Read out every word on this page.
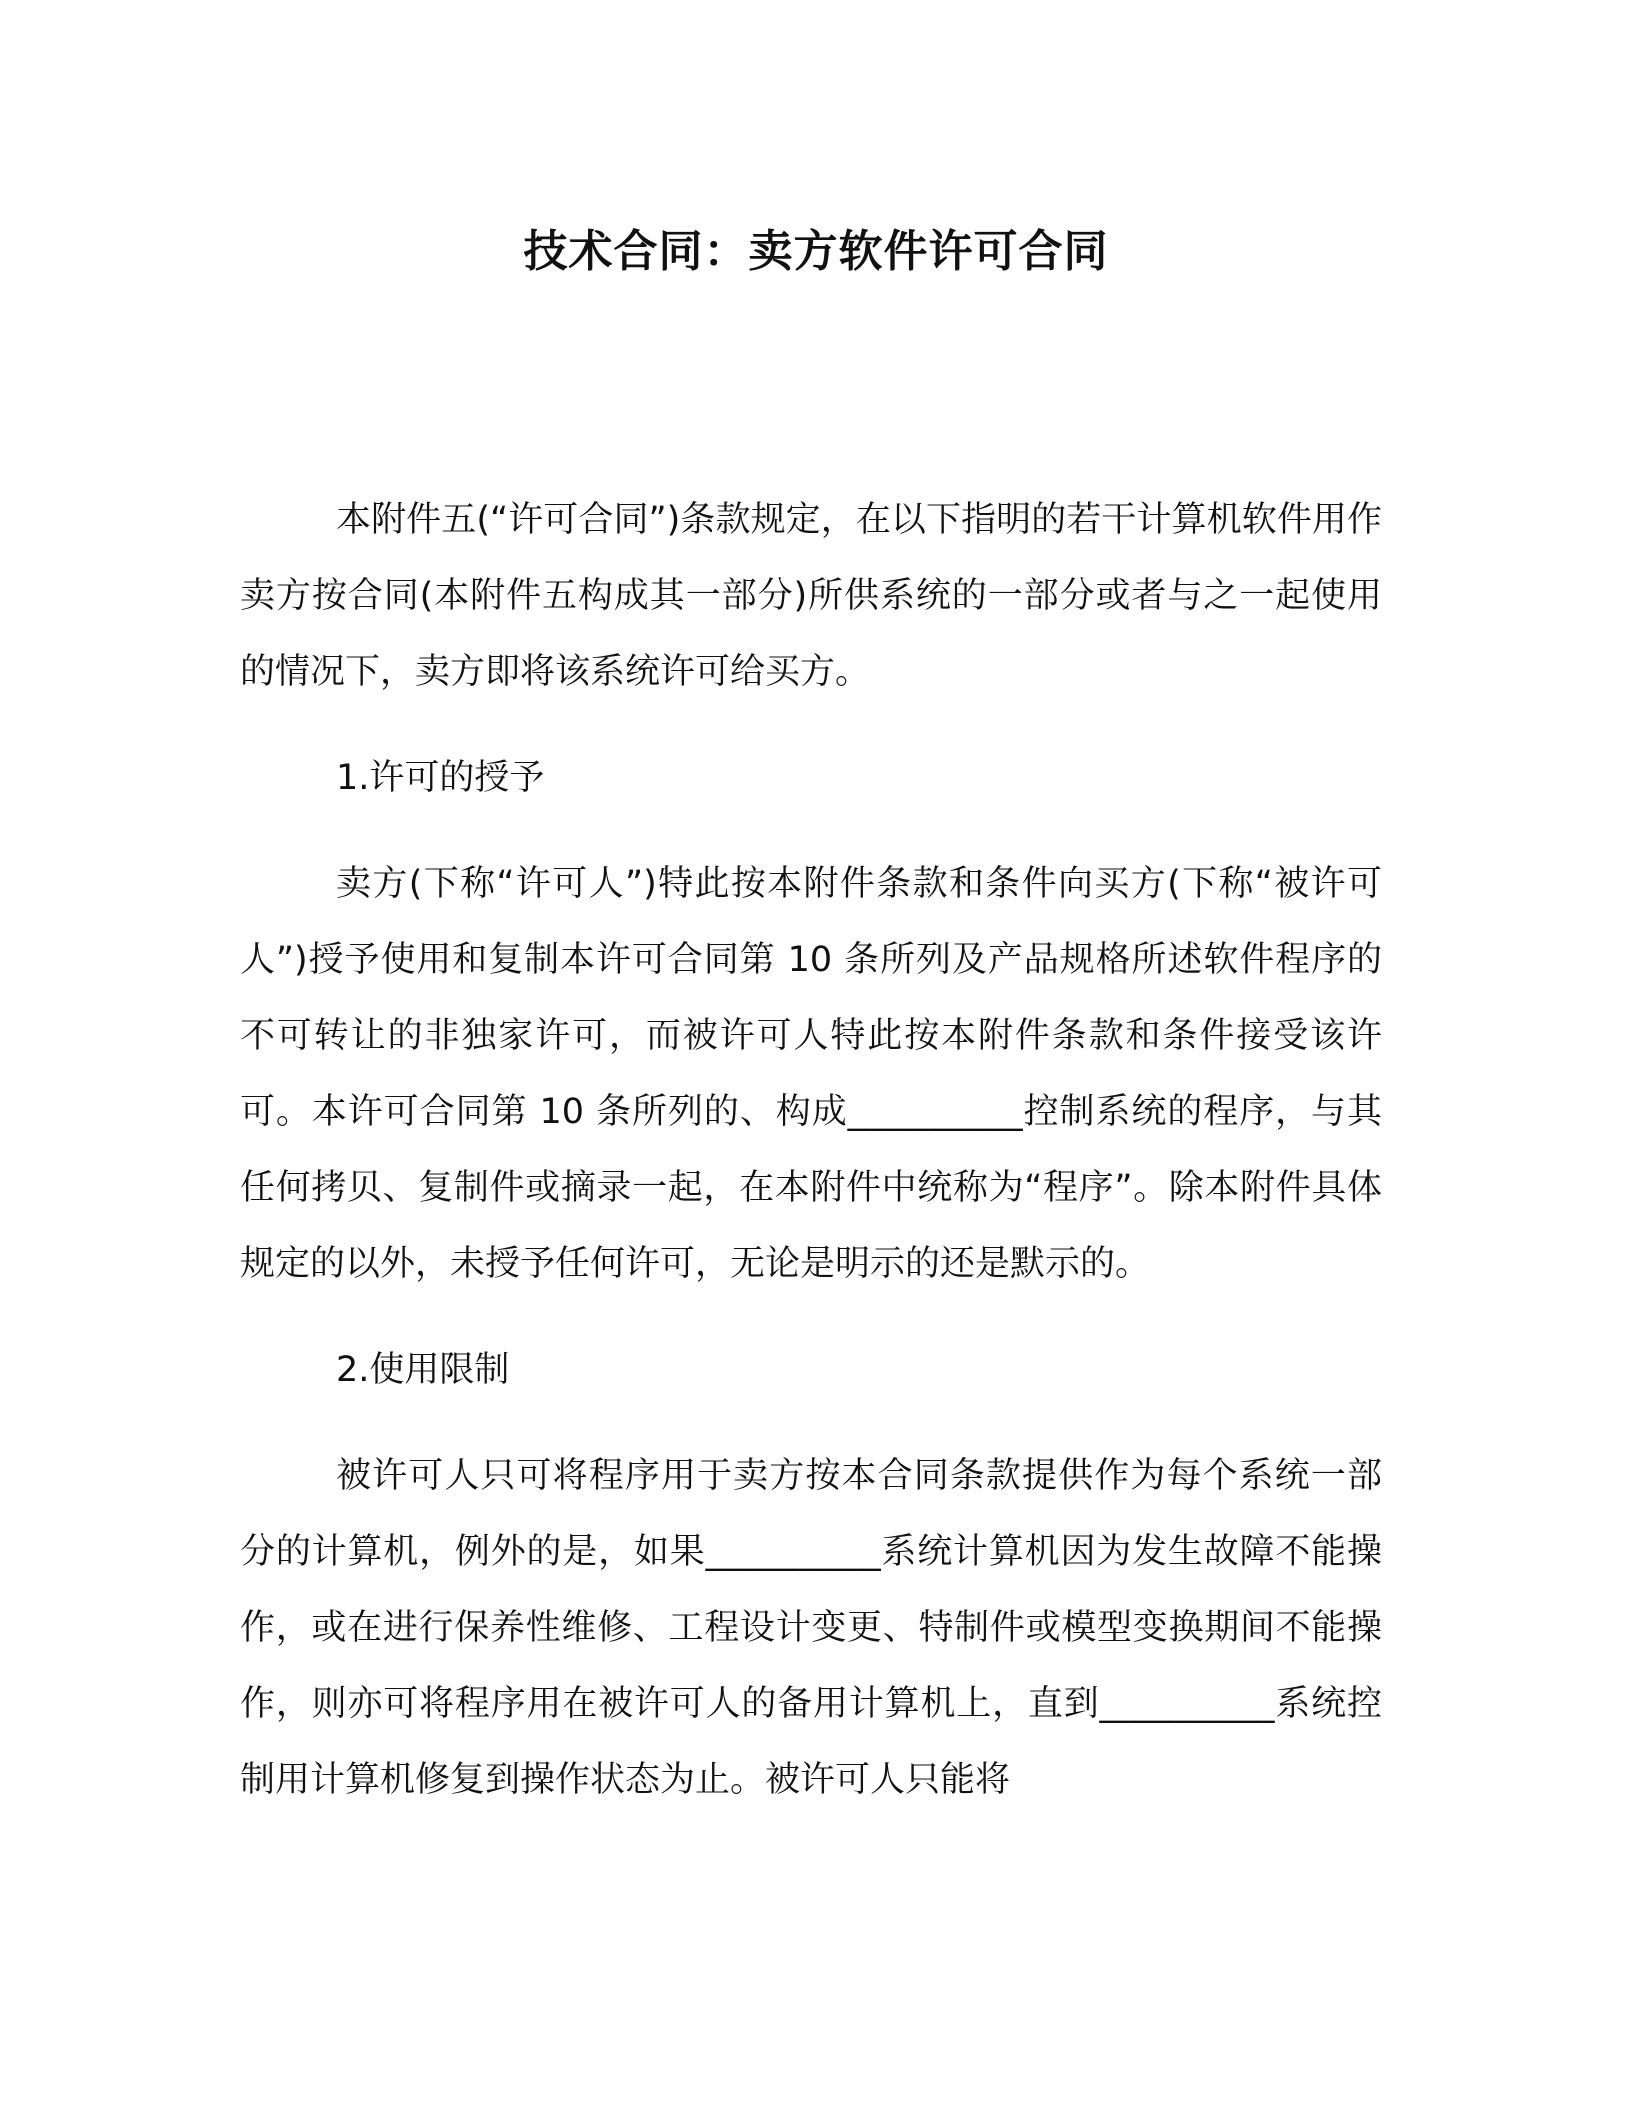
技术合同：卖方软件许可合同

本附件五(“许可合同”)条款规定，在以下指明的若干计算机软件用作卖方按合同(本附件五构成其一部分)所供系统的一部分或者与之一起使用的情况下，卖方即将该系统许可给买方。

1.许可的授予

卖方(下称“许可人”)特此按本附件条款和条件向买方(下称“被许可人”)授予使用和复制本许可合同第 10 条所列及产品规格所述软件程序的不可转让的非独家许可，而被许可人特此按本附件条款和条件接受该许可。本许可合同第 10 条所列的、构成__________控制系统的程序，与其任何拷贝、复制件或摘录一起，在本附件中统称为“程序”。除本附件具体规定的以外，未授予任何许可，无论是明示的还是默示的。

2.使用限制

被许可人只可将程序用于卖方按本合同条款提供作为每个系统一部分的计算机，例外的是，如果__________系统计算机因为发生故障不能操作，或在进行保养性维修、工程设计变更、特制件或模型变换期间不能操作，则亦可将程序用在被许可人的备用计算机上，直到__________系统控制用计算机修复到操作状态为止。被许可人只能将
